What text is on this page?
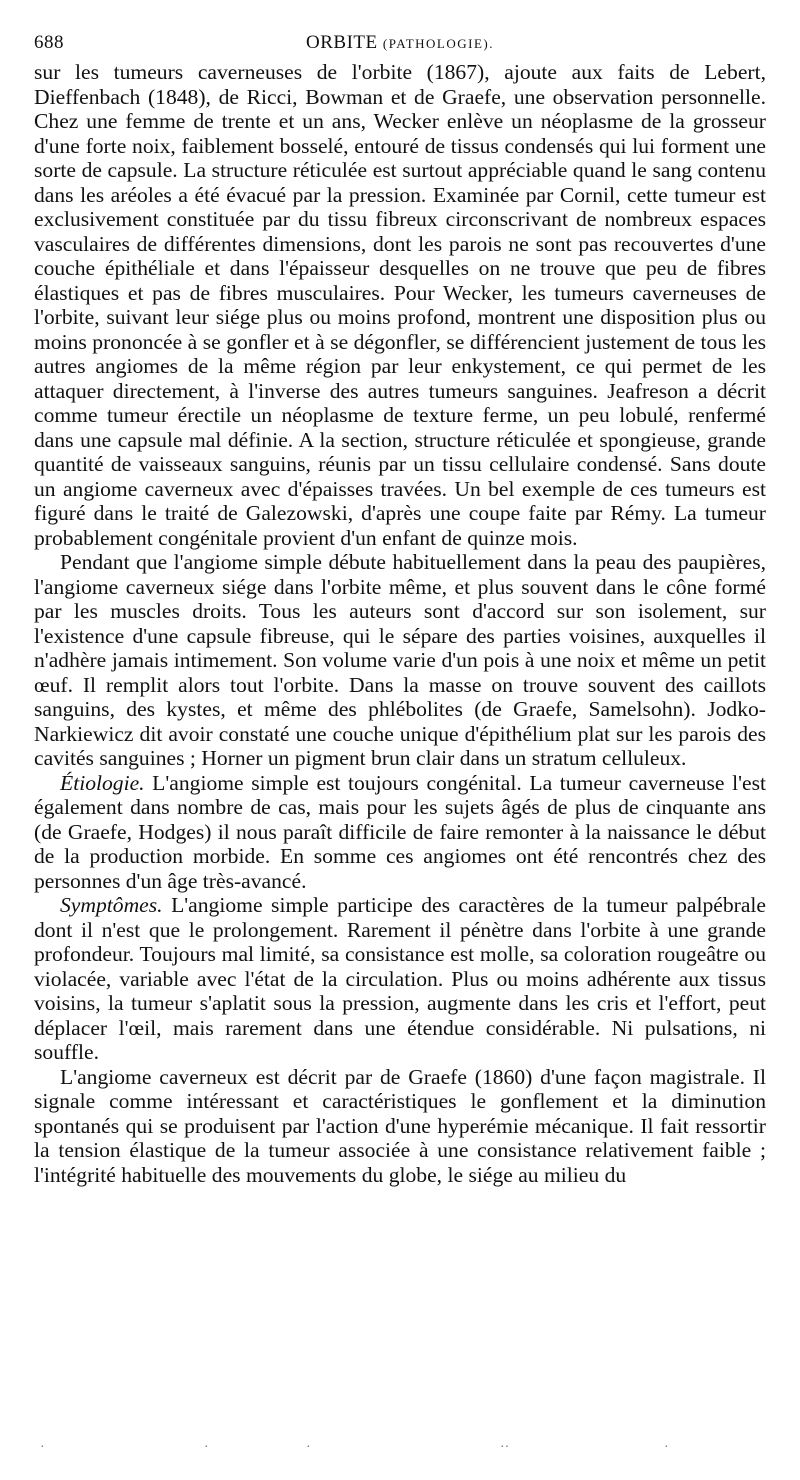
688	ORBITE (PATHOLOGIE).

sur les tumeurs caverneuses de l'orbite (1867), ajoute aux faits de Lebert, Dieffenbach (1848), de Ricci, Bowman et de Graefe, une observation personnelle. Chez une femme de trente et un ans, Wecker enlève un néoplasme de la grosseur d'une forte noix, faiblement bosselé, entouré de tissus condensés qui lui forment une sorte de capsule. La structure réticulée est surtout appréciable quand le sang contenu dans les aréoles a été évacué par la pression. Examinée par Cornil, cette tumeur est exclusivement constituée par du tissu fibreux circonscrivant de nombreux espaces vasculaires de différentes dimensions, dont les parois ne sont pas recouvertes d'une couche épithéliale et dans l'épaisseur desquelles on ne trouve que peu de fibres élastiques et pas de fibres musculaires. Pour Wecker, les tumeurs caverneuses de l'orbite, suivant leur siége plus ou moins profond, montrent une disposition plus ou moins prononcée à se gonfler et à se dégonfler, se différencient justement de tous les autres angiomes de la même région par leur enkystement, ce qui permet de les attaquer directement, à l'inverse des autres tumeurs sanguines. Jeafreson a décrit comme tumeur érectile un néoplasme de texture ferme, un peu lobulé, renfermé dans une capsule mal définie. A la section, structure réticulée et spongieuse, grande quantité de vaisseaux sanguins, réunis par un tissu cellulaire condensé. Sans doute un angiome caverneux avec d'épaisses travées. Un bel exemple de ces tumeurs est figuré dans le traité de Galezowski, d'après une coupe faite par Rémy. La tumeur probablement congénitale provient d'un enfant de quinze mois.

Pendant que l'angiome simple débute habituellement dans la peau des paupières, l'angiome caverneux siége dans l'orbite même, et plus souvent dans le cône formé par les muscles droits. Tous les auteurs sont d'accord sur son isolement, sur l'existence d'une capsule fibreuse, qui le sépare des parties voisines, auxquelles il n'adhère jamais intimement. Son volume varie d'un pois à une noix et même un petit œuf. Il remplit alors tout l'orbite. Dans la masse on trouve souvent des caillots sanguins, des kystes, et même des phlébolites (de Graefe, Samelsohn). Jodko-Narkiewicz dit avoir constaté une couche unique d'épithélium plat sur les parois des cavités sanguines ; Horner un pigment brun clair dans un stratum celluleux.

Étiologie. L'angiome simple est toujours congénital. La tumeur caverneuse l'est également dans nombre de cas, mais pour les sujets âgés de plus de cinquante ans (de Graefe, Hodges) il nous paraît difficile de faire remonter à la naissance le début de la production morbide. En somme ces angiomes ont été rencontrés chez des personnes d'un âge très-avancé.

Symptômes. L'angiome simple participe des caractères de la tumeur palpébrale dont il n'est que le prolongement. Rarement il pénètre dans l'orbite à une grande profondeur. Toujours mal limité, sa consistance est molle, sa coloration rougeâtre ou violacée, variable avec l'état de la circulation. Plus ou moins adhérente aux tissus voisins, la tumeur s'aplatit sous la pression, augmente dans les cris et l'effort, peut déplacer l'œil, mais rarement dans une étendue considérable. Ni pulsations, ni souffle.

L'angiome caverneux est décrit par de Graefe (1860) d'une façon magistrale. Il signale comme intéressant et caractéristiques le gonflement et la diminution spontanés qui se produisent par l'action d'une hyperémie mécanique. Il fait ressortir la tension élastique de la tumeur associée à une consistance relativement faible ; l'intégrité habituelle des mouvements du globe, le siége au milieu du

·	·	·	··	·
